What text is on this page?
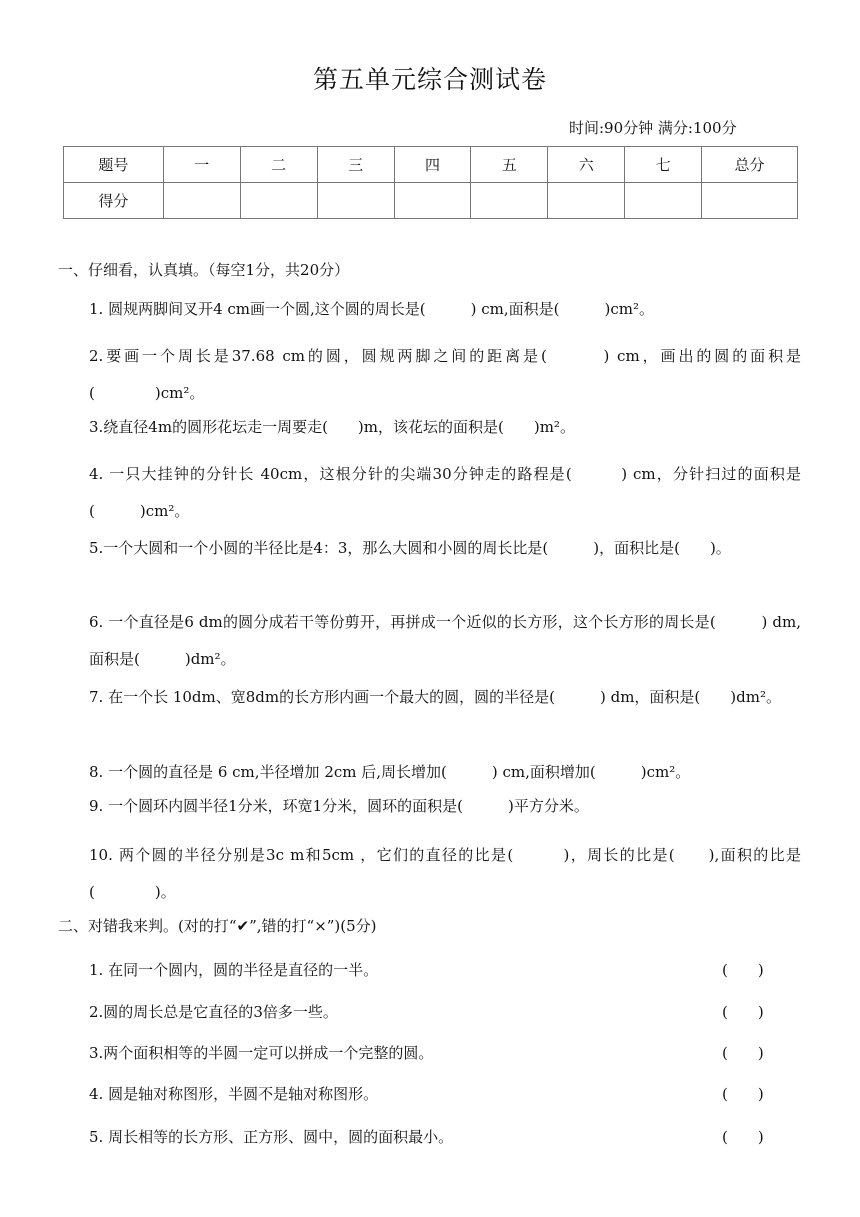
第五单元综合测试卷
时间:90分钟 满分:100分
题号	一	二	三	四	五	六	七	总分
得分								
一、仔细看，认真填。（每空1分，共20分）
1. 圆规两脚间叉开4 cm画一个圆,这个圆的周长是(　　　) cm,面积是(　　　)cm²。
2.要画一个周长是37.68 cm的圆，圆规两脚之间的距离是(　　　) cm，画出的圆的面积是(　　　　)cm²。
3.绕直径4m的圆形花坛走一周要走(　　)m，该花坛的面积是(　　)m²。
4. 一只大挂钟的分针长 40cm，这根分针的尖端30分钟走的路程是(　　　) cm，分针扫过的面积是(　　　)cm²。
5.一个大圆和一个小圆的半径比是4：3，那么大圆和小圆的周长比是(　　　)，面积比是(　　)。
6. 一个直径是6 dm的圆分成若干等份剪开，再拼成一个近似的长方形，这个长方形的周长是(　　　) dm,面积是(　　　)dm²。
7. 在一个长 10dm、宽8dm的长方形内画一个最大的圆，圆的半径是(　　　) dm，面积是(　　)dm²。
8. 一个圆的直径是 6 cm,半径增加 2cm 后,周长增加(　　　) cm,面积增加(　　　)cm²。
9. 一个圆环内圆半径1分米，环宽1分米，圆环的面积是(　　　)平方分米。
10. 两个圆的半径分别是3c m和5cm ，它们的直径的比是(　　　)，周长的比是(　　),面积的比是(　　　　)。
二、对错我来判。(对的打“✔”,错的打“×”)(5分)
1. 在同一个圆内，圆的半径是直径的一半。	(　　)
2.圆的周长总是它直径的3倍多一些。	(　　)
3.两个面积相等的半圆一定可以拼成一个完整的圆。	(　　)
4. 圆是轴对称图形，半圆不是轴对称图形。	(　　)
5. 周长相等的长方形、正方形、圆中，圆的面积最小。	(　　)
